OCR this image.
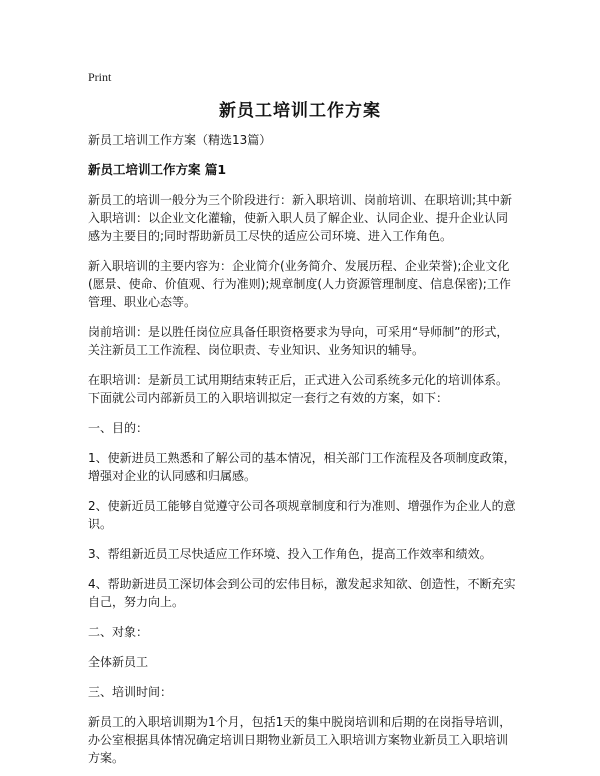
Print
新员工培训工作方案

新员工培训工作方案（精选13篇）

新员工培训工作方案 篇1

新员工的培训一般分为三个阶段进行：新入职培训、岗前培训、在职培训;其中新入职培训：以企业文化灌输，使新入职人员了解企业、认同企业、提升企业认同感为主要目的;同时帮助新员工尽快的适应公司环境、进入工作角色。

新入职培训的主要内容为：企业简介(业务简介、发展历程、企业荣誉);企业文化(愿景、使命、价值观、行为准则);规章制度(人力资源管理制度、信息保密);工作管理、职业心态等。

岗前培训：是以胜任岗位应具备任职资格要求为导向，可采用“导师制”的形式，关注新员工工作流程、岗位职责、专业知识、业务知识的辅导。

在职培训：是新员工试用期结束转正后，正式进入公司系统多元化的培训体系。
下面就公司内部新员工的入职培训拟定一套行之有效的方案，如下：

一、目的：

1、使新进员工熟悉和了解公司的基本情况，相关部门工作流程及各项制度政策，增强对企业的认同感和归属感。

2、使新近员工能够自觉遵守公司各项规章制度和行为准则、增强作为企业人的意识。

3、帮组新近员工尽快适应工作环境、投入工作角色，提高工作效率和绩效。

4、帮助新进员工深切体会到公司的宏伟目标，激发起求知欲、创造性，不断充实自己，努力向上。

二、对象：

全体新员工

三、培训时间：

新员工的入职培训期为1个月，包括1天的集中脱岗培训和后期的在岗指导培训，办公室根据具体情况确定培训日期物业新员工入职培训方案物业新员工入职培训方案。
